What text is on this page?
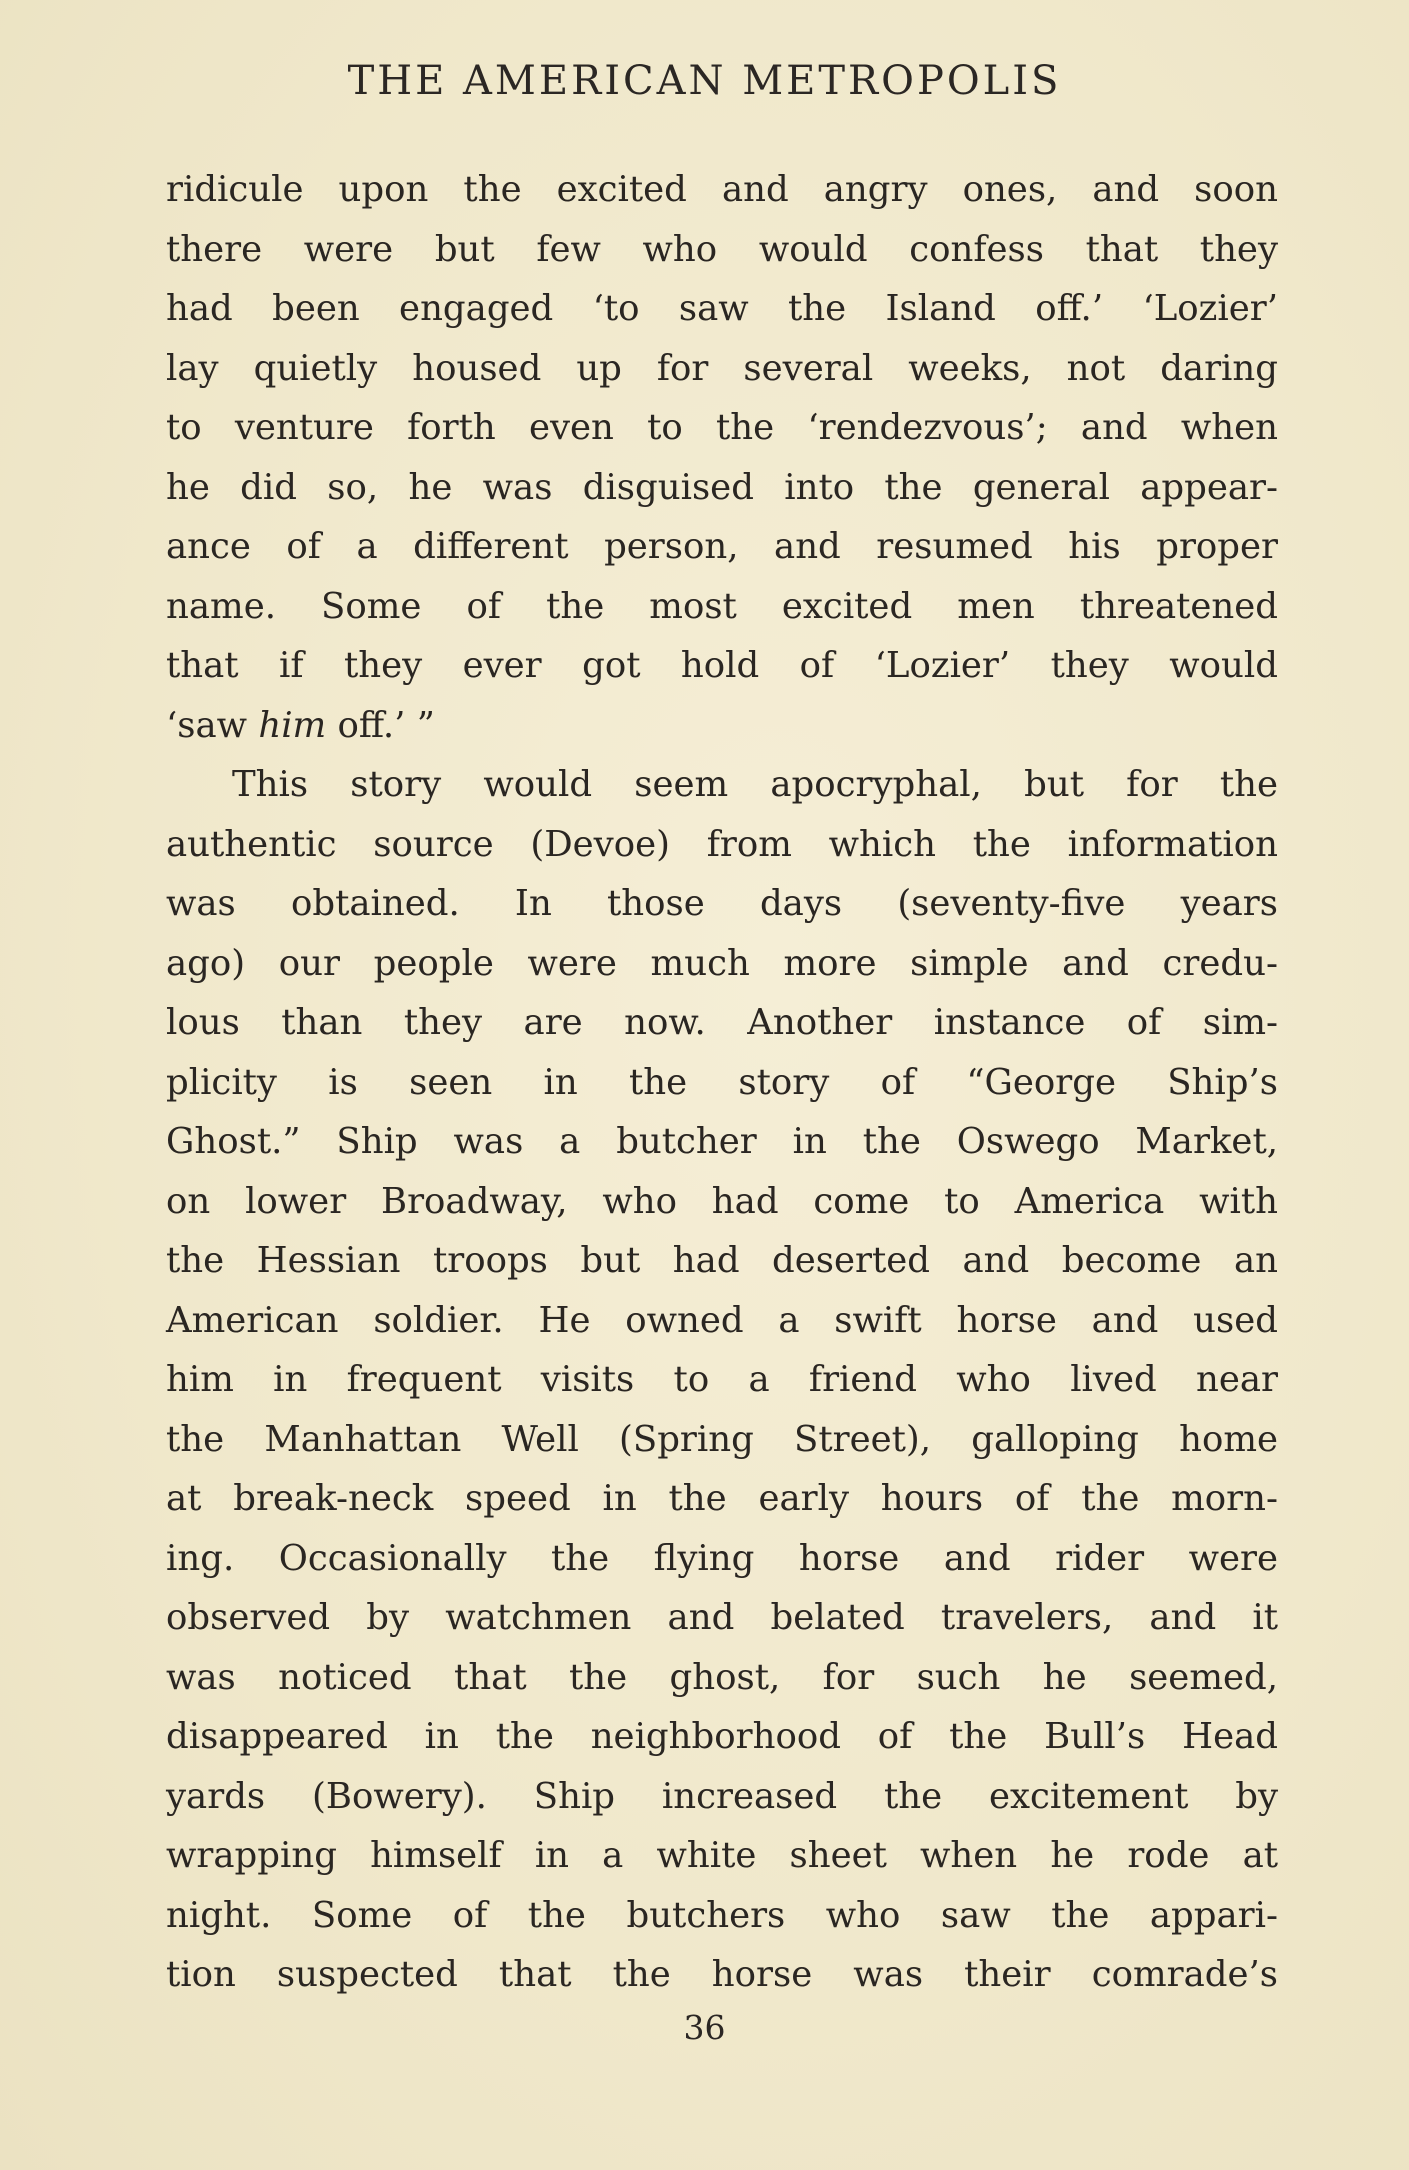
THE AMERICAN METROPOLIS
ridicule upon the excited and angry ones, and soon
there were but few who would confess that they
had been engaged ‘to saw the Island off.’ ‘Lozier’
lay quietly housed up for several weeks, not daring
to venture forth even to the ‘rendezvous’; and when
he did so, he was disguised into the general appear-
ance of a different person, and resumed his proper
name. Some of the most excited men threatened
that if they ever got hold of ‘Lozier’ they would
‘saw him off.’ ”
This story would seem apocryphal, but for the
authentic source (Devoe) from which the information
was obtained. In those days (seventy-five years
ago) our people were much more simple and credu-
lous than they are now. Another instance of sim-
plicity is seen in the story of “George Ship’s
Ghost.” Ship was a butcher in the Oswego Market,
on lower Broadway, who had come to America with
the Hessian troops but had deserted and become an
American soldier. He owned a swift horse and used
him in frequent visits to a friend who lived near
the Manhattan Well (Spring Street), galloping home
at break-neck speed in the early hours of the morn-
ing. Occasionally the flying horse and rider were
observed by watchmen and belated travelers, and it
was noticed that the ghost, for such he seemed,
disappeared in the neighborhood of the Bull’s Head
yards (Bowery). Ship increased the excitement by
wrapping himself in a white sheet when he rode at
night. Some of the butchers who saw the appari-
tion suspected that the horse was their comrade’s
36
